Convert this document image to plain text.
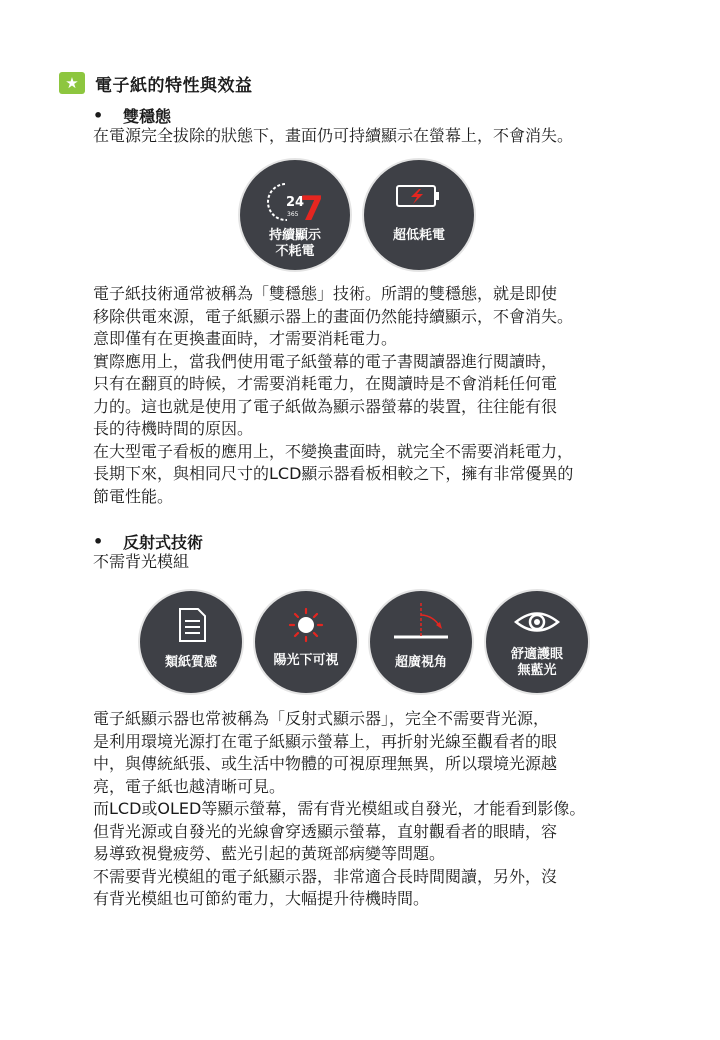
★ 電子紙的特性與效益
•	雙穩態
在電源完全拔除的狀態下，畫面仍可持續顯示在螢幕上，不會消失。
24
7
365
持續顯示
不耗電
超低耗電
電子紙技術通常被稱為「雙穩態」技術。所謂的雙穩態，就是即使
移除供電來源，電子紙顯示器上的畫面仍然能持續顯示，不會消失。
意即僅有在更換畫面時，才需要消耗電力。
實際應用上，當我們使用電子紙螢幕的電子書閱讀器進行閱讀時，
只有在翻頁的時候，才需要消耗電力，在閱讀時是不會消耗任何電
力的。這也就是使用了電子紙做為顯示器螢幕的裝置，往往能有很
長的待機時間的原因。
在大型電子看板的應用上，不變換畫面時，就完全不需要消耗電力，
長期下來，與相同尺寸的LCD顯示器看板相較之下，擁有非常優異的
節電性能。
•	反射式技術
不需背光模組
類紙質感	陽光下可視	超廣視角
舒適護眼
無藍光
電子紙顯示器也常被稱為「反射式顯示器」，完全不需要背光源，
是利用環境光源打在電子紙顯示螢幕上，再折射光線至觀看者的眼
中，與傳統紙張、或生活中物體的可視原理無異，所以環境光源越
亮，電子紙也越清晰可見。
而LCD或OLED等顯示螢幕，需有背光模組或自發光，才能看到影像。
但背光源或自發光的光線會穿透顯示螢幕，直射觀看者的眼睛，容
易導致視覺疲勞、藍光引起的黃斑部病變等問題。
不需要背光模組的電子紙顯示器，非常適合長時間閱讀，另外，沒
有背光模組也可節約電力，大幅提升待機時間。
